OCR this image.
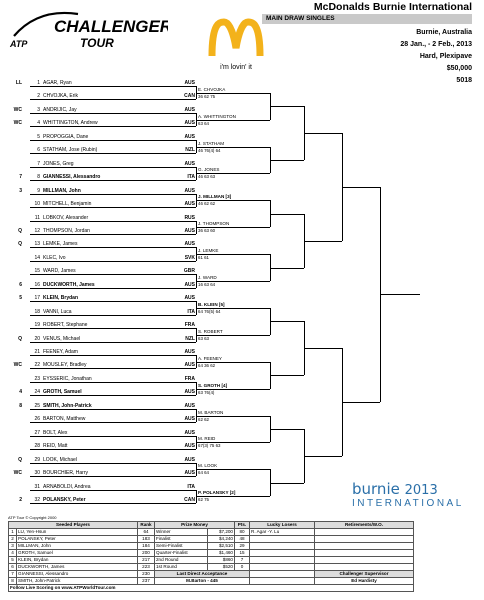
CHALLENGER
TOUR
ATP
i'm lovin' it
McDonalds Burnie International
MAIN DRAW SINGLES
Burnie, Australia
28 Jan., - 2 Feb., 2013
Hard, Plexipave
$50,000
5018
LL	1 AGAR, Ryan	AUS
2 CHVOJKA, Erik	CAN
WC	3 ANDRIJIC, Jay	AUS
WC	4 WHITTINGTON, Andrew	AUS
5 PROPOGGIA, Dane	AUS
6 STATHAM, Jose (Rubin)	NZL
7 JONES, Greg	AUS
7	8 GIANNESSI, Alessandro	ITA
3	9 MILLMAN, John	AUS
10 MITCHELL, Benjamin	AUS
11 LOBKOV, Alexander	RUS
Q	12 THOMPSON, Jordan	AUS
Q	13 LEMKE, James	AUS
14 KLEC, Ivo	SVK
15 WARD, James	GBR
6	16 DUCKWORTH, James	AUS
5	17 KLEIN, Brydan	AUS
18 VANNI, Luca	ITA
19 ROBERT, Stephane	FRA
Q	20 VENUS, Michael	NZL
21 FEENEY, Adam	AUS
WC	22 MOUSLEY, Bradley	AUS
23 EYSSERIC, Jonathan	FRA
4	24 GROTH, Samuel	AUS
8	25 SMITH, John-Patrick	AUS
26 BARTON, Matthew	AUS
27 BOLT, Alex	AUS
28 REID, Matt	AUS
Q	29 LOOK, Michael	AUS
WC	30 BOURCHIER, Harry	AUS
31 ARNABOLDI, Andrea	ITA
2	32 POLANSKY, Peter	CAN
E. CHVOJKA
36 62 75
A. WHITTINGTON
63 64
J. STATHAM
46 76(4) 64
G. JONES
46 63 63
J. MILLMAN [3]
46 62 62
J. THOMPSON
36 63 60
J. LEMKE
61 61
J. WARD
16 63 64
B. KLEIN [5]
64 76(5) 64
S. ROBERT
63 63
A. FEENEY
64 36 62
S. GROTH [4]
63 76(4)
M. BARTON
62 62
M. REID
67(3) 75 63
M. LOOK
64 64
P. POLANSKY [2]
62 75
burnie 2013
INTERNATIONAL
ATP Tour © Copyright 2000
Seeded Players		Rank	Prize Money		Pts.	Lucky Losers	Retirements/W.O.
1	LU, Yen-Hsun	64	Winner	$7,200	80	R. Agar -Y. Lu	
2	POLANSKY, Peter	183	Finalist	$4,240	48		
3	MILLMAN, John	184	Semi-Finalist	$2,510	29		
4	GROTH, Samuel	200	Quarter-Finalist	$1,460	15		
5	KLEIN, Brydan	217	2nd Round	$860	7		
6	DUCKWORTH, James	223	1st Round	$520	0		
7	GIANNESSI, Alessandro	230	Last Direct Acceptance				Challenger Supervisor
8	SMITH, John-Patrick	237	M.Barton - 445				Ed Hardisty
Follow Live Scoring on www.ATPWorldTour.com							
